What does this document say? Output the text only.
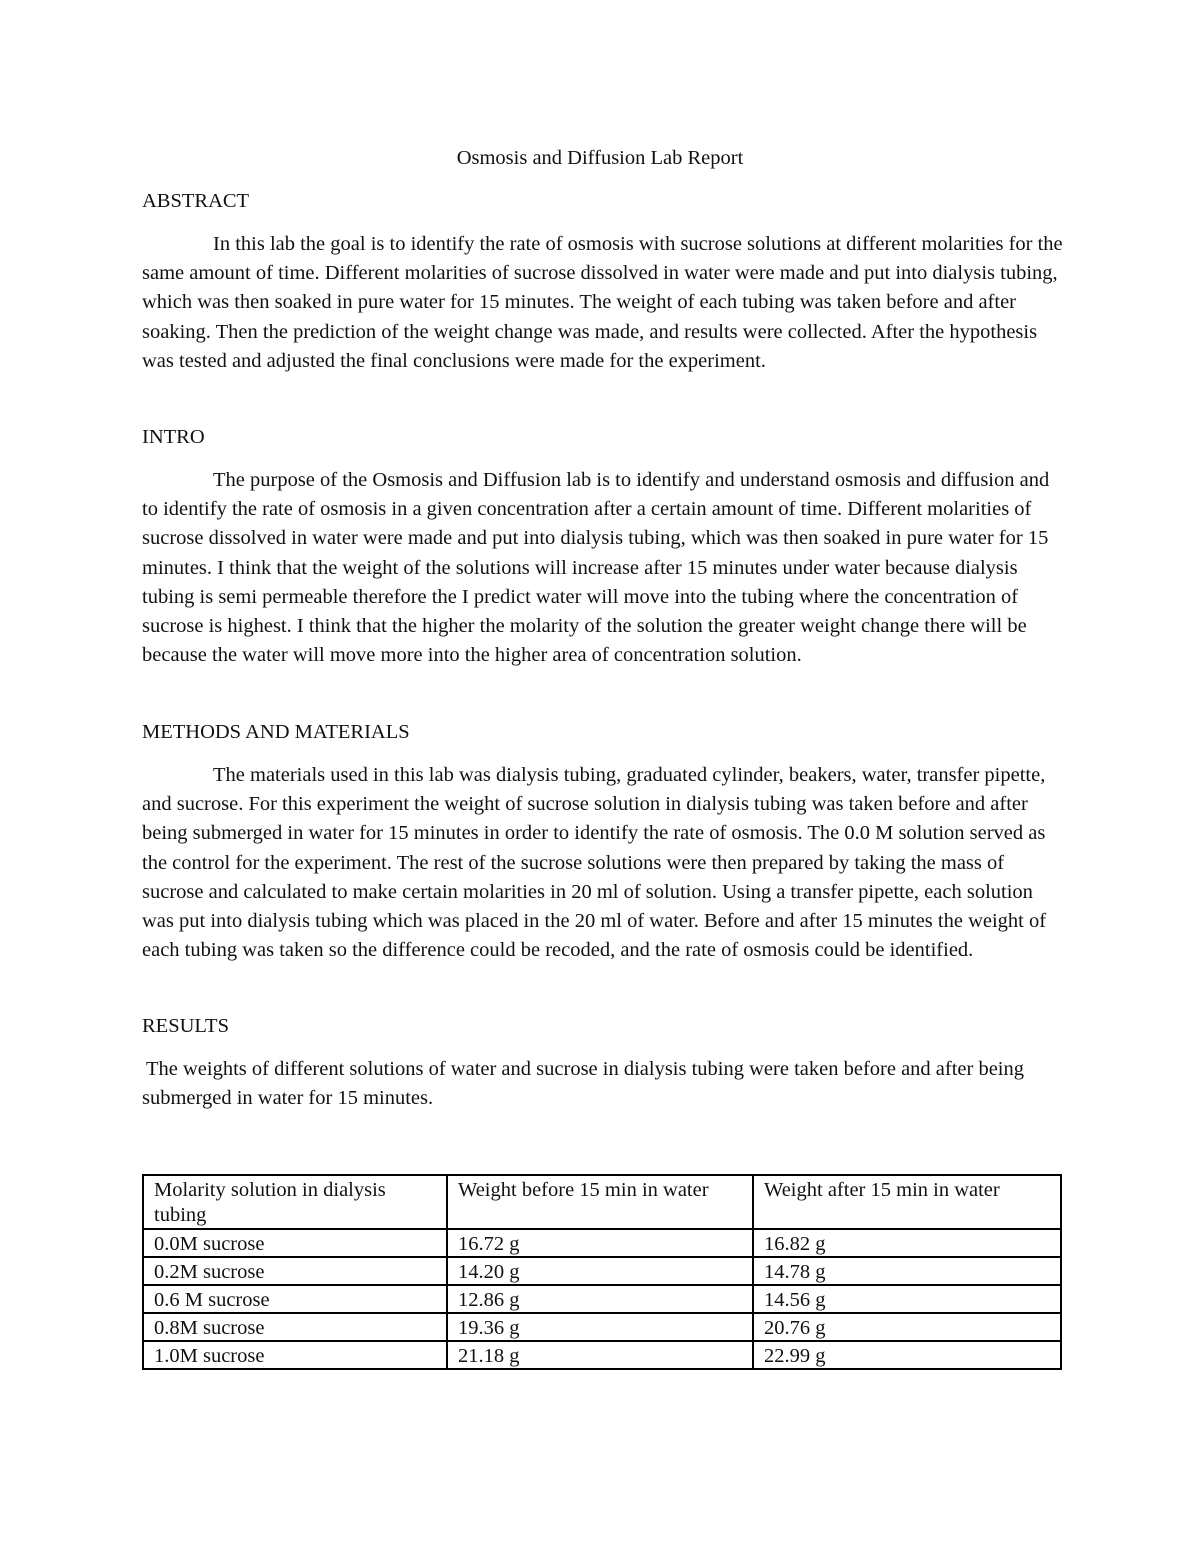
Osmosis and Diffusion Lab Report
ABSTRACT

In this lab the goal is to identify the rate of osmosis with sucrose solutions at different molarities for the same amount of time. Different molarities of sucrose dissolved in water were made and put into dialysis tubing, which was then soaked in pure water for 15 minutes. The weight of each tubing was taken before and after soaking. Then the prediction of the weight change was made, and results were collected. After the hypothesis was tested and adjusted the final conclusions were made for the experiment.

INTRO

The purpose of the Osmosis and Diffusion lab is to identify and understand osmosis and diffusion and to identify the rate of osmosis in a given concentration after a certain amount of time. Different molarities of sucrose dissolved in water were made and put into dialysis tubing, which was then soaked in pure water for 15 minutes. I think that the weight of the solutions will increase after 15 minutes under water because dialysis tubing is semi permeable therefore the I predict water will move into the tubing where the concentration of sucrose is highest. I think that the higher the molarity of the solution the greater weight change there will be because the water will move more into the higher area of concentration solution.

METHODS AND MATERIALS

The materials used in this lab was dialysis tubing, graduated cylinder, beakers, water, transfer pipette, and sucrose. For this experiment the weight of sucrose solution in dialysis tubing was taken before and after being submerged in water for 15 minutes in order to identify the rate of osmosis. The 0.0 M solution served as the control for the experiment. The rest of the sucrose solutions were then prepared by taking the mass of sucrose and calculated to make certain molarities in 20 ml of solution. Using a transfer pipette, each solution was put into dialysis tubing which was placed in the 20 ml of water. Before and after 15 minutes the weight of each tubing was taken so the difference could be recoded, and the rate of osmosis could be identified.

RESULTS

The weights of different solutions of water and sucrose in dialysis tubing were taken before and after being submerged in water for 15 minutes.

Molarity solution in dialysis tubing	Weight before 15 min in water	Weight after 15 min in water
0.0M sucrose	16.72 g	16.82 g
0.2M sucrose	14.20 g	14.78 g
0.6 M sucrose	12.86 g	14.56 g
0.8M sucrose	19.36 g	20.76 g
1.0M sucrose	21.18 g	22.99 g
